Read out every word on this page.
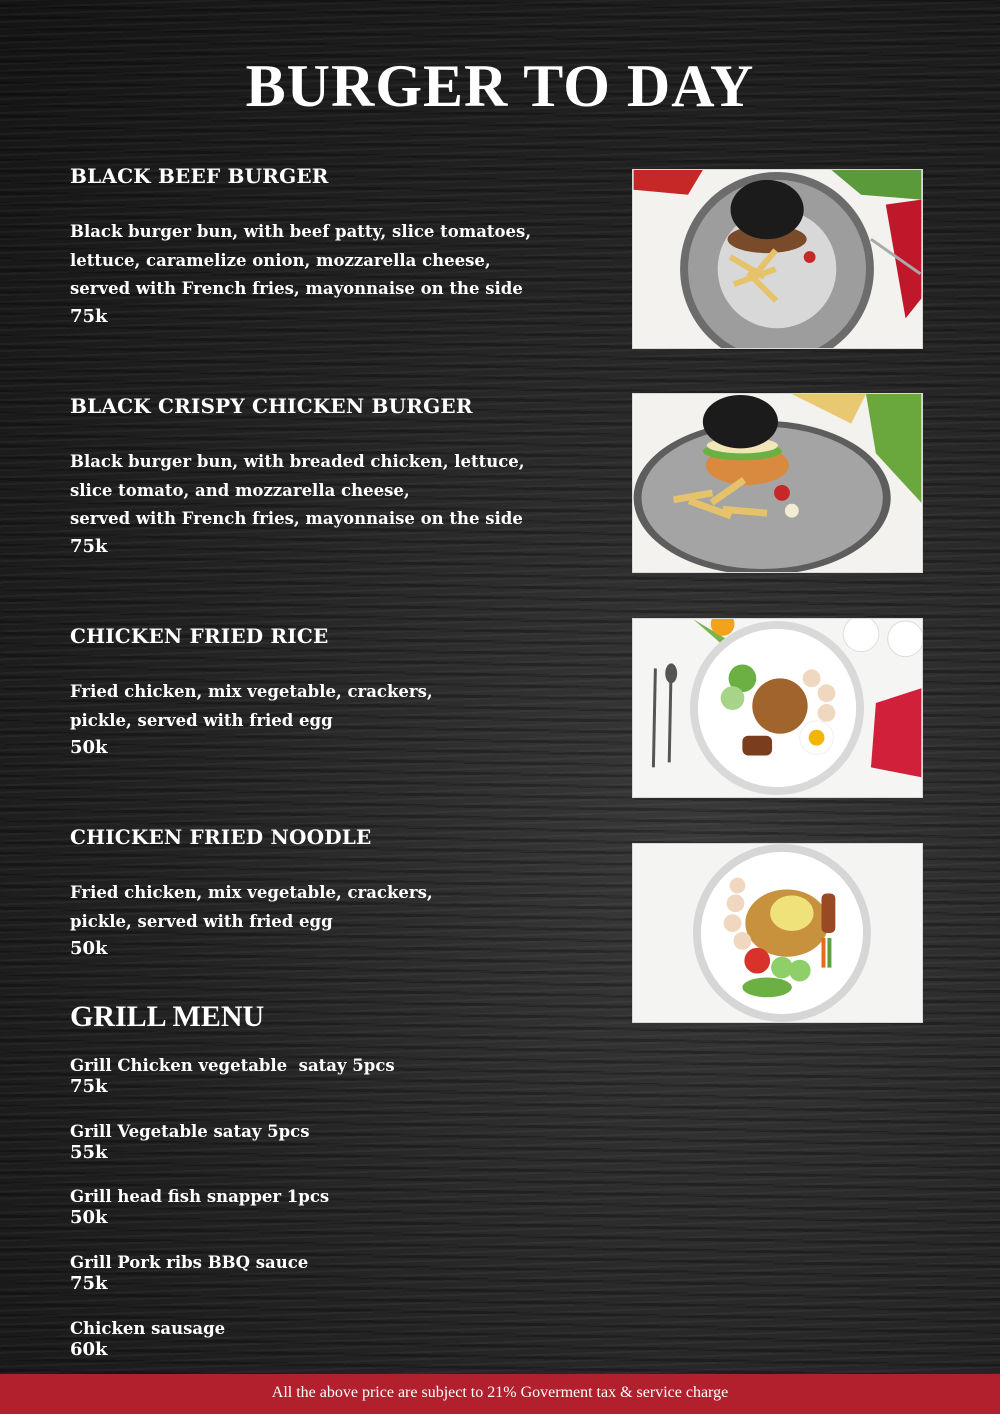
BURGER TO DAY
BLACK BEEF BURGER
Black burger bun, with beef patty, slice tomatoes,
lettuce, caramelize onion, mozzarella cheese,
served with French fries, mayonnaise on the side
75k
BLACK CRISPY CHICKEN BURGER
Black burger bun, with breaded chicken, lettuce,
slice tomato, and mozzarella cheese,
served with French fries, mayonnaise on the side
75k
CHICKEN FRIED RICE
Fried chicken, mix vegetable, crackers,
pickle, served with fried egg
50k
CHICKEN FRIED NOODLE
Fried chicken, mix vegetable, crackers,
pickle, served with fried egg
50k
GRILL MENU
Grill Chicken vegetable  satay 5pcs
75k
Grill Vegetable satay 5pcs
55k
Grill head fish snapper 1pcs
50k
Grill Pork ribs BBQ sauce
75k
Chicken sausage
60k
All the above price are subject to 21% Goverment tax & service charge
